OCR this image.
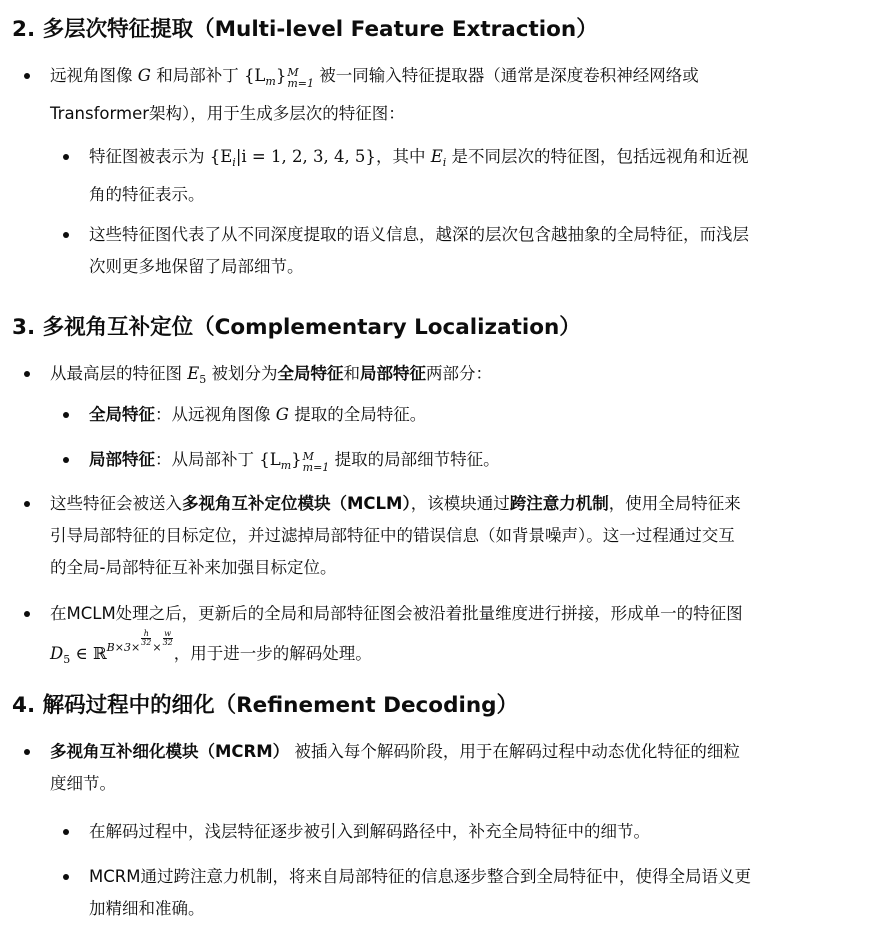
2. 多层次特征提取（Multi-level Feature Extraction）
远视角图像 G 和局部补丁 $\{L_m\}$ M
m=1 被一同输入特征提取器（通常是深度卷积神经网络或
Transformer架构），用于生成多层次的特征图：
特征图被表示为 {$E_i|i = 1$, 2, 3, 4, 5}，其中 $E_i$ 是不同层次的特征图，包括远视角和近视
角的特征表示。
这些特征图代表了从不同深度提取的语义信息，越深的层次包含越抽象的全局特征，而浅层
次则更多地保留了局部细节。
3. 多视角互补定位（Complementary Localization）
从最高层的特征图 $E_5$ 被划分为全局特征和局部特征两部分：
全局特征：从远视角图像 G 提取的全局特征。
局部特征：从局部补丁 $\{L_m\}$ M
m=1 提取的局部细节特征。
这些特征会被送入多视角互补定位模块（MCLM），该模块通过跨注意力机制，使用全局特征来
引导局部特征的目标定位，并过滤掉局部特征中的错误信息（如背景噪声）。这一过程通过交互
的全局-局部特征互补来加强目标定位。
在MCLM处理之后，更新后的全局和局部特征图会被沿着批量维度进行拼接，形成单一的特征图
$D_5$ ∈ ℝ$^{B\times 3\times \frac{h}{32} \times \frac{w}{32}}$
，用于进一步的解码处理。
4. 解码过程中的细化（Refinement Decoding）
多视角互补细化模块（MCRM） 被插入每个解码阶段，用于在解码过程中动态优化特征的细粒
度细节。
在解码过程中，浅层特征逐步被引入到解码路径中，补充全局特征中的细节。
MCRM通过跨注意力机制，将来自局部特征的信息逐步整合到全局特征中，使得全局语义更
加精细和准确。
